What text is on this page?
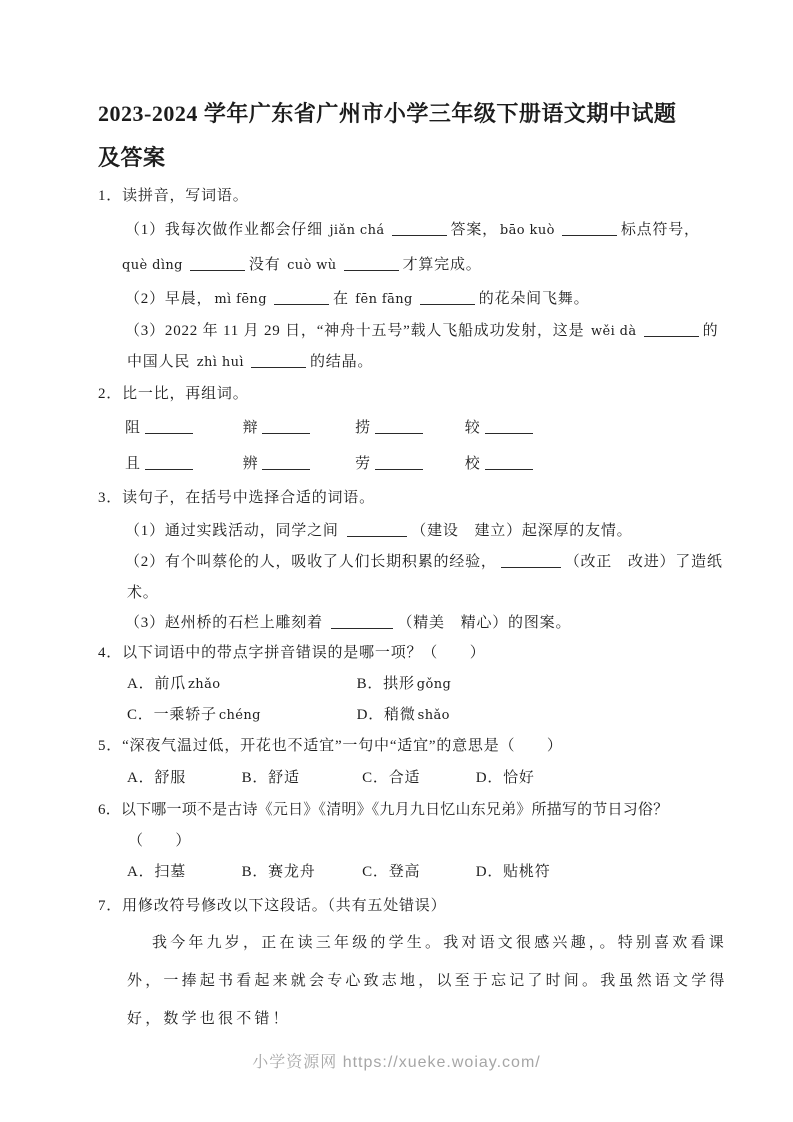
2023-2024 学年广东省广州市小学三年级下册语文期中试题
及答案
1．读拼音，写词语。
（1）我每次做作业都会仔细 jiǎn chá	答案， bāo kuò	标点符号，
què dìng	没有 cuò wù	才算完成。
（2）早晨， mì fēng	在 fēn fāng	的花朵间飞舞。
（3）2022 年 11 月 29 日，“神舟十五号”载人飞船成功发射，这是 wěi dà	的
中国人民 zhì huì	的结晶。
2．比一比，再组词。
阻	辩	捞	较
且	辨	劳	校
3．读句子，在括号中选择合适的词语。
（1）通过实践活动，同学之间	（建设　建立）起深厚的友情。
（2）有个叫蔡伦的人，吸收了人们长期积累的经验，	（改正　改进）了造纸
术。
（3）赵州桥的石栏上雕刻着	（精美　精心）的图案。
4．以下词语中的带点字拼音错误的是哪一项？（　　）
A．前爪 • zhǎo	B．拱 •形 gǒng
C．一乘 •轿子 chéng	D．稍 •微 shǎo
5．“深夜气温过低，开花也不适宜”一句中“适宜”的意思是（　　）
A．舒服	B．舒适	C．合适	D．恰好
6．以下哪一项不是古诗《元日》《清明》《九月九日忆山东兄弟》所描写的节日习俗？
（　　）
A．扫墓	B．赛龙舟	C．登高	D．贴桃符
7．用修改符号修改以下这段话。（共有五处错误）
我今年九岁，正在读三年级的学生。我对语文很感兴趣，。特别喜欢看课
外，一捧起书看起来就会专心致志地，以至于忘记了时间。我虽然语文学得
好，数学也很不错！
小学资源网 https://xueke.woiay.com/
